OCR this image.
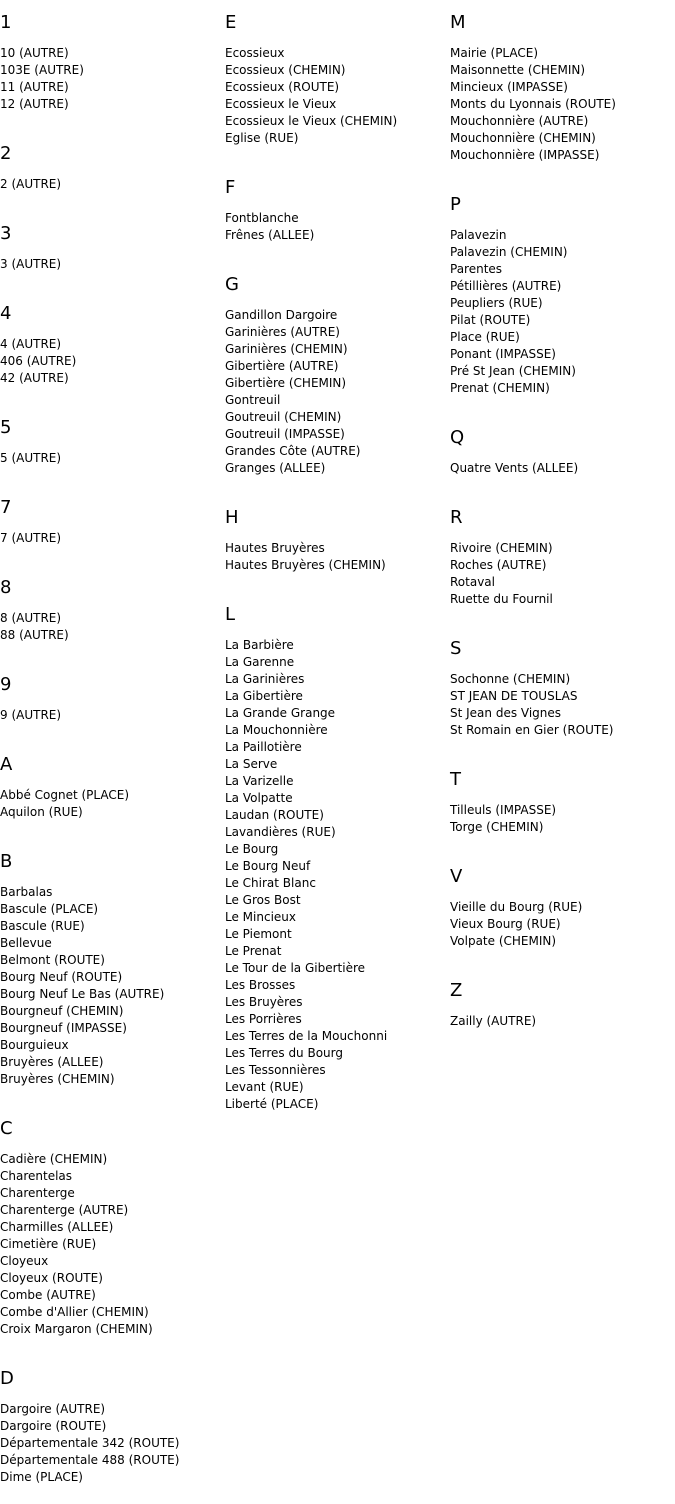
1
10 (AUTRE)
103E (AUTRE)
11 (AUTRE)
12 (AUTRE)
2
2 (AUTRE)
3
3 (AUTRE)
4
4 (AUTRE)
406 (AUTRE)
42 (AUTRE)
5
5 (AUTRE)
7
7 (AUTRE)
8
8 (AUTRE)
88 (AUTRE)
9
9 (AUTRE)
A
Abbé Cognet (PLACE)
Aquilon (RUE)
B
Barbalas
Bascule (PLACE)
Bascule (RUE)
Bellevue
Belmont (ROUTE)
Bourg Neuf (ROUTE)
Bourg Neuf Le Bas (AUTRE)
Bourgneuf (CHEMIN)
Bourgneuf (IMPASSE)
Bourguieux
Bruyères (ALLEE)
Bruyères (CHEMIN)
C
Cadière (CHEMIN)
Charentelas
Charenterge
Charenterge (AUTRE)
Charmilles (ALLEE)
Cimetière (RUE)
Cloyeux
Cloyeux (ROUTE)
Combe (AUTRE)
Combe d'Allier (CHEMIN)
Croix Margaron (CHEMIN)
D
Dargoire (AUTRE)
Dargoire (ROUTE)
Départementale 342 (ROUTE)
Départementale 488 (ROUTE)
Dime (PLACE)
E
Ecossieux
Ecossieux (CHEMIN)
Ecossieux (ROUTE)
Ecossieux le Vieux
Ecossieux le Vieux (CHEMIN)
Eglise (RUE)
F
Fontblanche
Frênes (ALLEE)
G
Gandillon Dargoire
Garinières (AUTRE)
Garinières (CHEMIN)
Gibertière (AUTRE)
Gibertière (CHEMIN)
Gontreuil
Goutreuil (CHEMIN)
Goutreuil (IMPASSE)
Grandes Côte (AUTRE)
Granges (ALLEE)
H
Hautes Bruyères
Hautes Bruyères (CHEMIN)
L
La Barbière
La Garenne
La Garinières
La Gibertière
La Grande Grange
La Mouchonnière
La Paillotière
La Serve
La Varizelle
La Volpatte
Laudan (ROUTE)
Lavandières (RUE)
Le Bourg
Le Bourg Neuf
Le Chirat Blanc
Le Gros Bost
Le Mincieux
Le Piemont
Le Prenat
Le Tour de la Gibertière
Les Brosses
Les Bruyères
Les Porrières
Les Terres de la Mouchonni
Les Terres du Bourg
Les Tessonnières
Levant (RUE)
Liberté (PLACE)
M
Mairie (PLACE)
Maisonnette (CHEMIN)
Mincieux (IMPASSE)
Monts du Lyonnais (ROUTE)
Mouchonnière (AUTRE)
Mouchonnière (CHEMIN)
Mouchonnière (IMPASSE)
P
Palavezin
Palavezin (CHEMIN)
Parentes
Pétillières (AUTRE)
Peupliers (RUE)
Pilat (ROUTE)
Place (RUE)
Ponant (IMPASSE)
Pré St Jean (CHEMIN)
Prenat (CHEMIN)
Q
Quatre Vents (ALLEE)
R
Rivoire (CHEMIN)
Roches (AUTRE)
Rotaval
Ruette du Fournil
S
Sochonne (CHEMIN)
ST JEAN DE TOUSLAS
St Jean des Vignes
St Romain en Gier (ROUTE)
T
Tilleuls (IMPASSE)
Torge (CHEMIN)
V
Vieille du Bourg (RUE)
Vieux Bourg (RUE)
Volpate (CHEMIN)
Z
Zailly (AUTRE)
